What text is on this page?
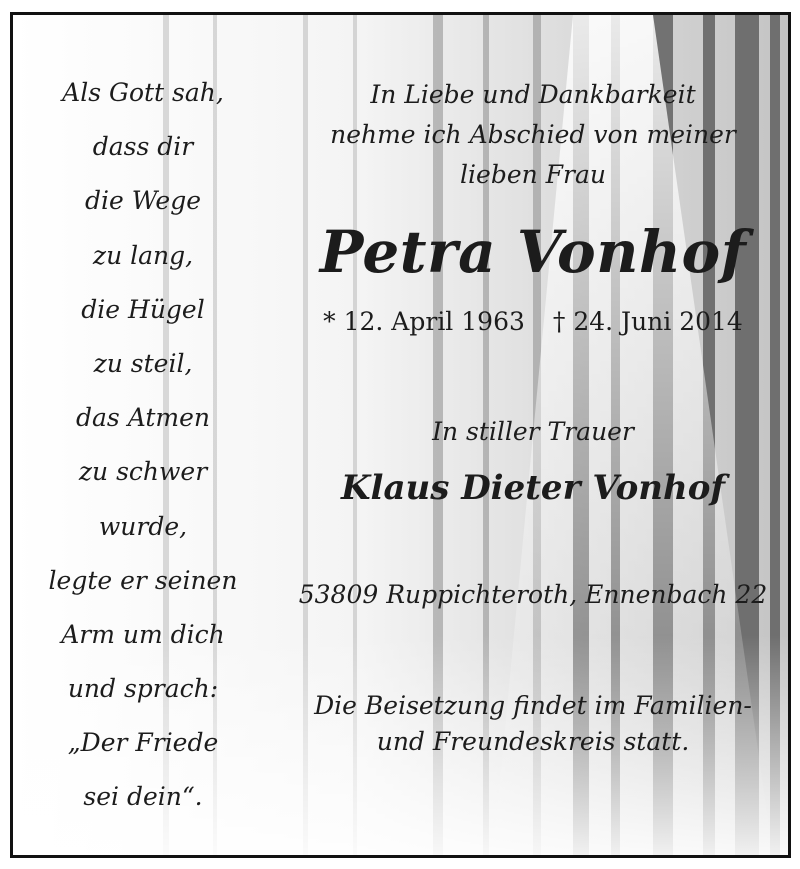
Als Gott sah,
dass dir
die Wege
zu lang,
die Hügel
zu steil,
das Atmen
zu schwer
wurde,
legte er seinen
Arm um dich
und sprach:
„Der Friede
sei dein“.
In Liebe und Dankbarkeit
nehme ich Abschied von meiner
lieben Frau
Petra Vonhof
* 12. April 1963 † 24. Juni 2014
In stiller Trauer
Klaus Dieter Vonhof
53809 Ruppichteroth, Ennenbach 22
Die Beisetzung findet im Familien-
und Freundeskreis statt.
